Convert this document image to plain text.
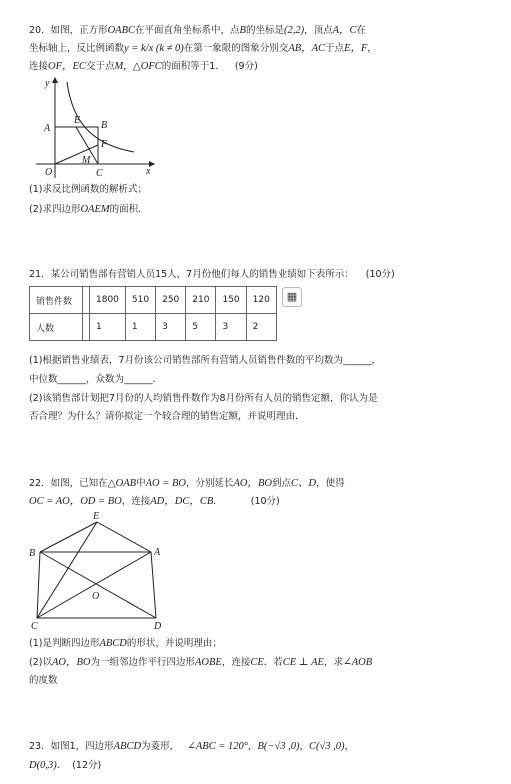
20．如图，正方形OABC在平面直角坐标系中，点B的坐标是(2,2)，顶点A，C在
坐标轴上，反比例函数y = k/x (k ≠ 0)在第一象限的图象分别交AB，AC于点E，F，
连接OF，EC交于点M，△OFC的面积等于1． (9分)
y
x
O
A	B
C
E
F
M
(1)求反比例函数的解析式；
(2)求四边形OAEM的面积．
21．某公司销售部有营销人员15人，7月份他们每人的销售业绩如下表所示： (10分)
销售件数		1800	510	250	210	150	120
人数		1	1	3	5	3	2
▦
(1)根据销售业绩表，7月份该公司销售部所有营销人员销售件数的平均数为______，
中位数______，众数为______．
(2)该销售部计划把7月份的人均销售件数作为8月份所有人员的销售定额，你认为是
否合理？为什么？请你拟定一个较合理的销售定额，并说明理由．
22．如图，已知在△OAB中AO = BO，分别延长AO，BO到点C、D，使得
OC = AO，OD = BO，连接AD，DC，CB．	(10分)
E
B	A
O
C	D
(1)是判断四边形ABCD的形状，并说明理由；
(2)以AO，BO为一组邻边作平行四边形AOBE，连接CE．若CE ⊥ AE，求∠AOB
的度数
23．如图1，四边形ABCD为菱形， ∠ABC = 120°，B(−√3 ,0)，C(√3 ,0)，
D(0,3)． (12分)
